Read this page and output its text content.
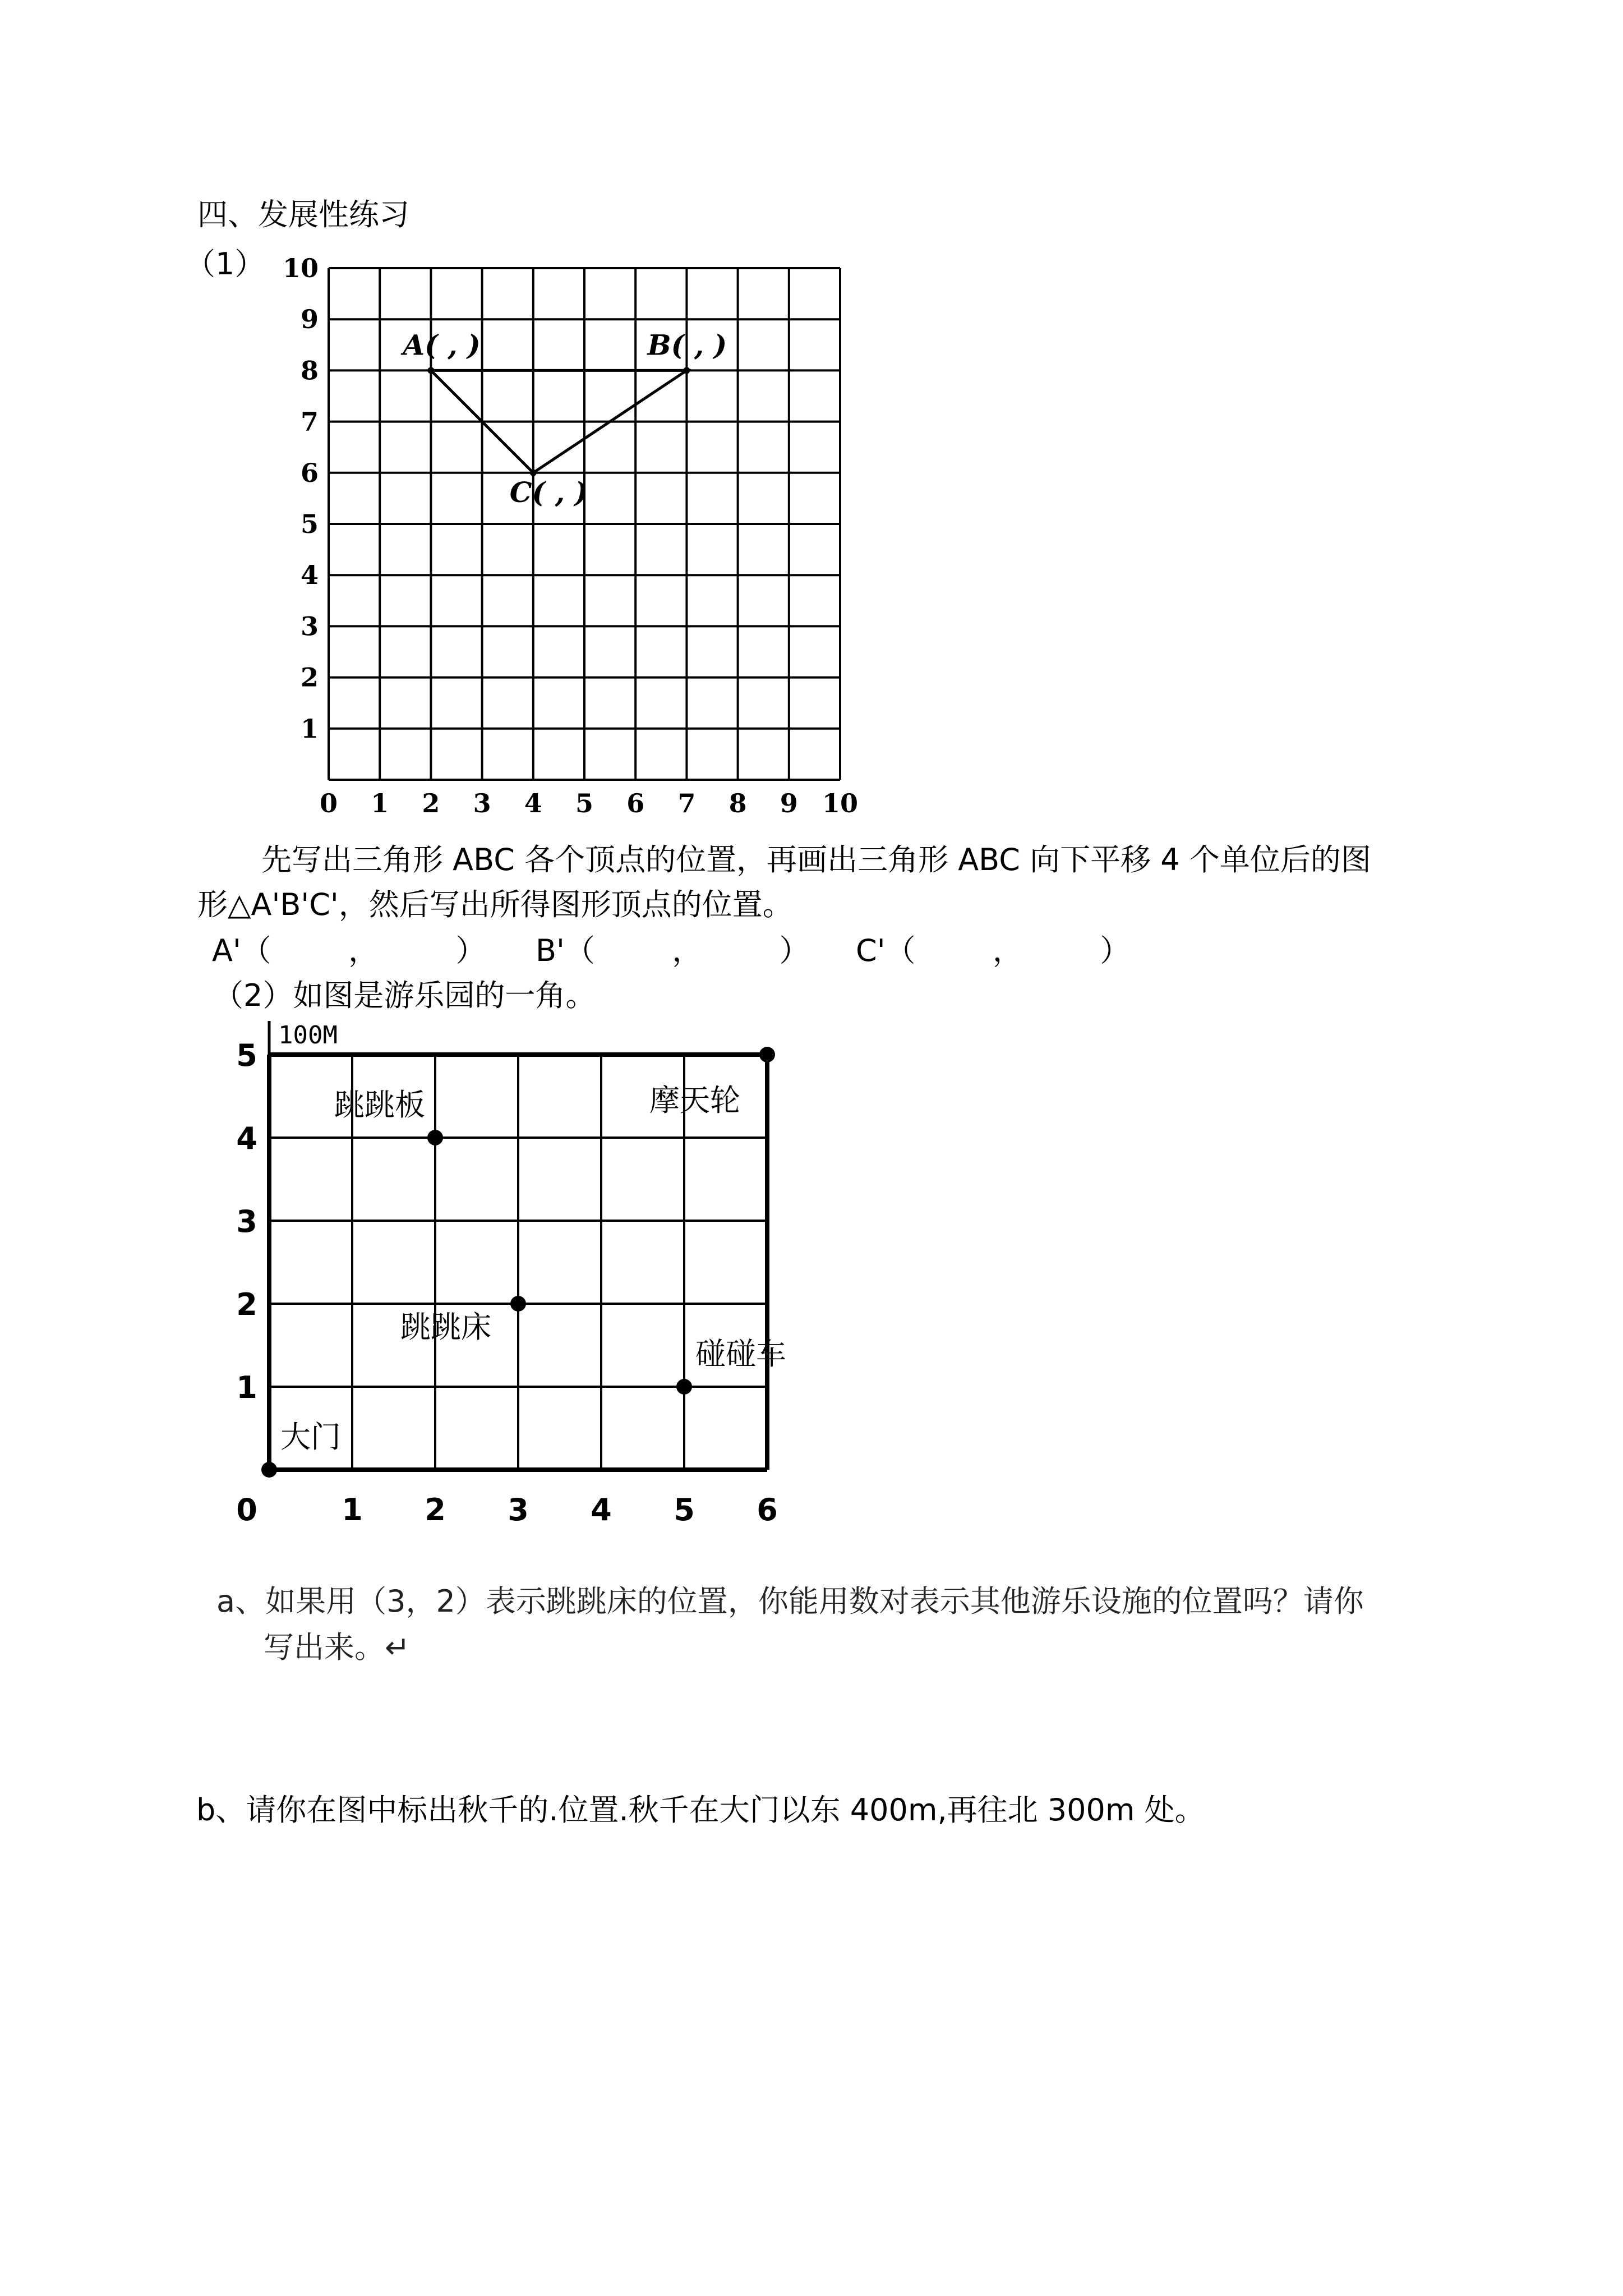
四、发展性练习
（1）
0 1 2 3 4 5 6 7 8 9 10
1
2
3
4
5
6
7
8
9
10
A( , )	B( , )
C( , )
先写出三角形 ABC 各个顶点的位置，再画出三角形 ABC 向下平移 4 个单位后的图
形△A'B'C'，然后写出所得图形顶点的位置。
A'（        ，        ） B'（        ，        ） C'（        ，        ）
（2）如图是游乐园的一角。
100M
0	1 2 3 4 5 6
1
2
3
4
5
跳跳板	摩天轮
跳跳床
碰碰车
大门
a、如果用（3，2）表示跳跳床的位置，你能用数对表示其他游乐设施的位置吗？请你
写出来。↵
b、请你在图中标出秋千的.位置.秋千在大门以东 400m,再往北 300m 处。
